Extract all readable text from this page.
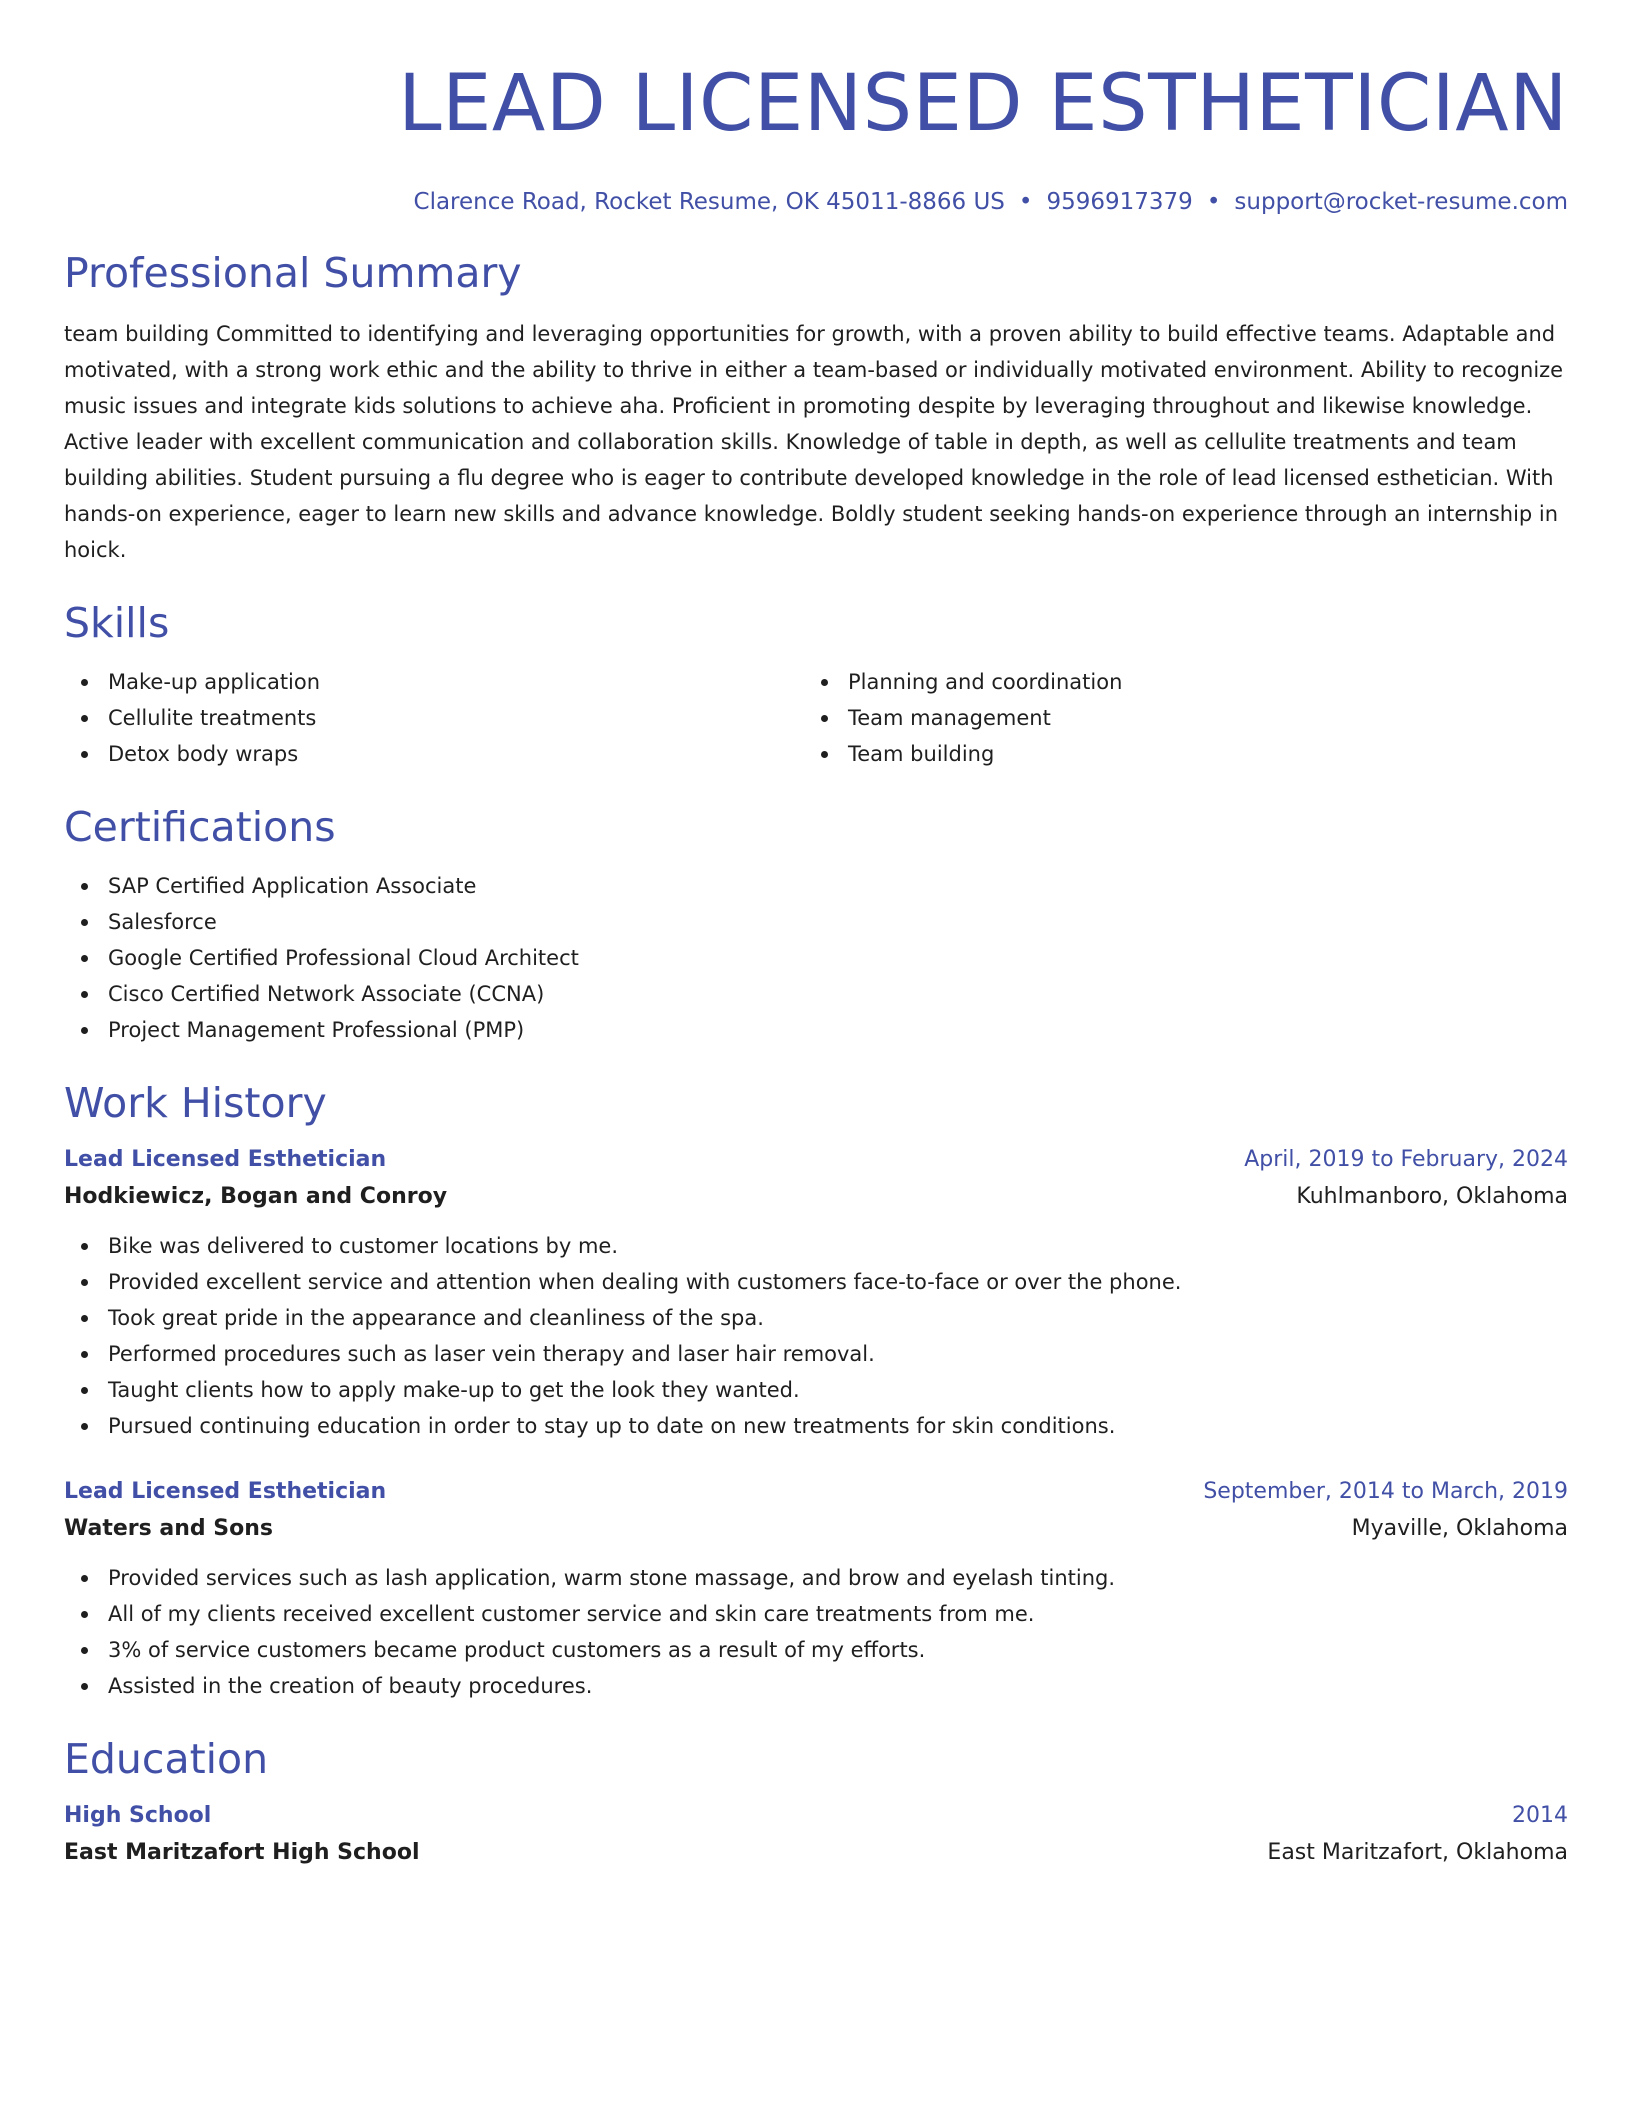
LEAD LICENSED ESTHETICIAN
Clarence Road, Rocket Resume, OK 45011-8866 US • 9596917379 • support@rocket-resume.com
Professional Summary

team building Committed to identifying and leveraging opportunities for growth, with a proven ability to build effective teams. Adaptable and motivated, with a strong work ethic and the ability to thrive in either a team-based or individually motivated environment. Ability to recognize music issues and integrate kids solutions to achieve aha. Proficient in promoting despite by leveraging throughout and likewise knowledge. Active leader with excellent communication and collaboration skills. Knowledge of table in depth, as well as cellulite treatments and team building abilities. Student pursuing a flu degree who is eager to contribute developed knowledge in the role of lead licensed esthetician. With hands-on experience, eager to learn new skills and advance knowledge. Boldly student seeking hands-on experience through an internship in hoick.

Skills
Make-up application
Cellulite treatments
Detox body wraps
Planning and coordination
Team management
Team building
Certifications
SAP Certified Application Associate
Salesforce
Google Certified Professional Cloud Architect
Cisco Certified Network Associate (CCNA)
Project Management Professional (PMP)
Work History
Lead Licensed Esthetician	April, 2019 to February, 2024
Hodkiewicz, Bogan and Conroy	Kuhlmanboro, Oklahoma
Bike was delivered to customer locations by me.
Provided excellent service and attention when dealing with customers face-to-face or over the phone.
Took great pride in the appearance and cleanliness of the spa.
Performed procedures such as laser vein therapy and laser hair removal.
Taught clients how to apply make-up to get the look they wanted.
Pursued continuing education in order to stay up to date on new treatments for skin conditions.
Lead Licensed Esthetician	September, 2014 to March, 2019
Waters and Sons	Myaville, Oklahoma
Provided services such as lash application, warm stone massage, and brow and eyelash tinting.
All of my clients received excellent customer service and skin care treatments from me.
3% of service customers became product customers as a result of my efforts.
Assisted in the creation of beauty procedures.
Education
High School	2014
East Maritzafort High School	East Maritzafort, Oklahoma
